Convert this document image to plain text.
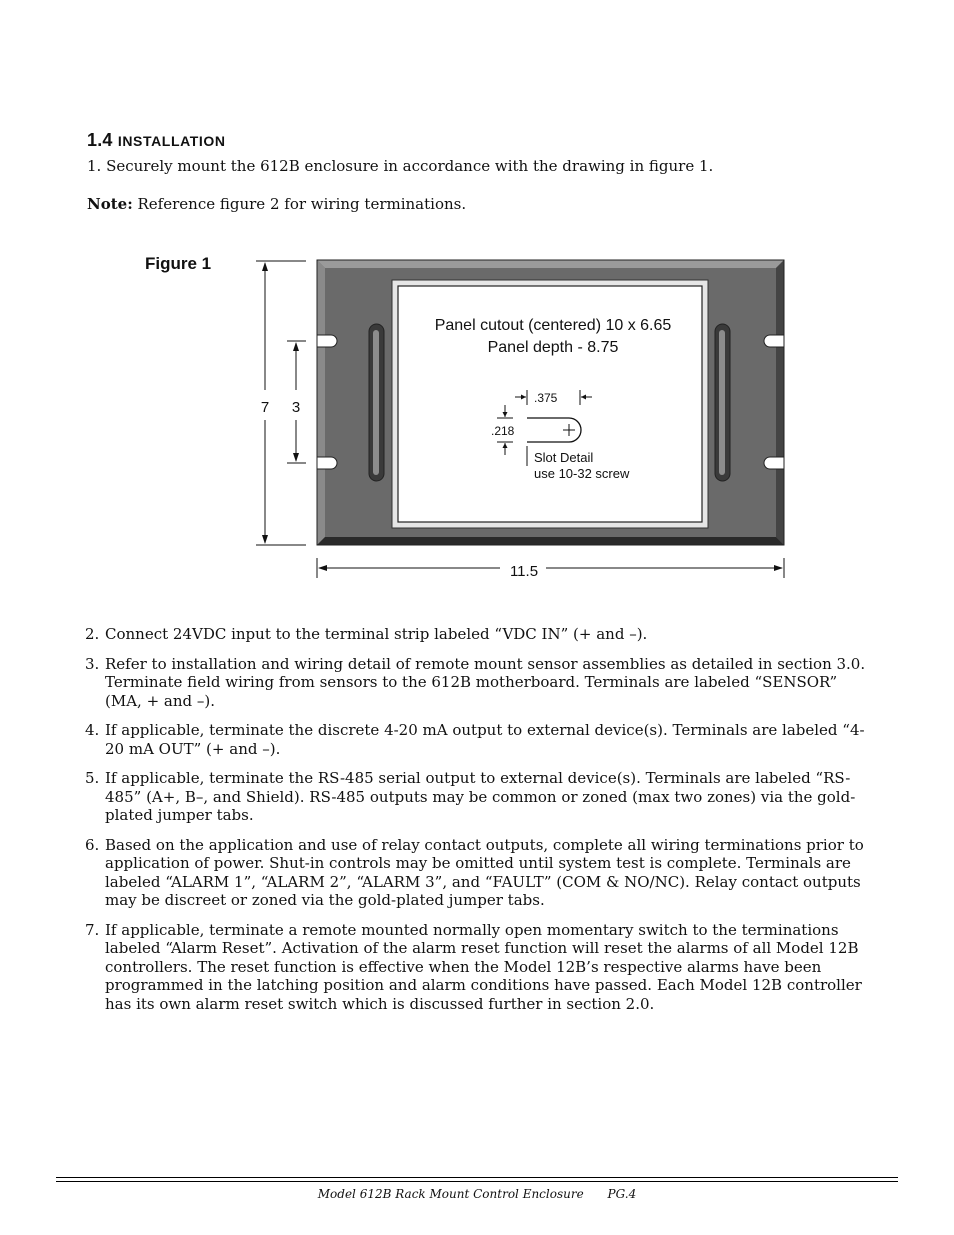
1.4 INSTALLATION
1. Securely mount the 612B enclosure in accordance with the drawing in figure 1.
Note: Reference figure 2 for wiring terminations.
Figure 1
Panel cutout (centered) 10 x 6.65
Panel depth - 8.75
.375
.218
Slot Detail
use 10-32 screw
7 3
11.5
2. Connect 24VDC input to the terminal strip labeled “VDC IN” (+ and –).
3. Refer to installation and wiring detail of remote mount sensor assemblies as detailed in section 3.0. Terminate field wiring from sensors to the 612B motherboard. Terminals are labeled “SENSOR” (MA, + and –).
4. If applicable, terminate the discrete 4-20 mA output to external device(s). Terminals are labeled “4-20 mA OUT” (+ and –).
5. If applicable, terminate the RS-485 serial output to external device(s). Terminals are labeled “RS-485” (A+, B–, and Shield). RS-485 outputs may be common or zoned (max two zones) via the gold-plated jumper tabs.
6. Based on the application and use of relay contact outputs, complete all wiring terminations prior to application of power. Shut-in controls may be omitted until system test is complete. Terminals are labeled “ALARM 1”, “ALARM 2”, “ALARM 3”, and “FAULT” (COM & NO/NC). Relay contact outputs may be discreet or zoned via the gold-plated jumper tabs.
7. If applicable, terminate a remote mounted normally open momentary switch to the terminations labeled “Alarm Reset”. Activation of the alarm reset function will reset the alarms of all Model 12B controllers. The reset function is effective when the Model 12B’s respective alarms have been programmed in the latching position and alarm conditions have passed. Each Model 12B controller has its own alarm reset switch which is discussed further in section 2.0.
Model 612B Rack Mount Control Enclosure PG.4
